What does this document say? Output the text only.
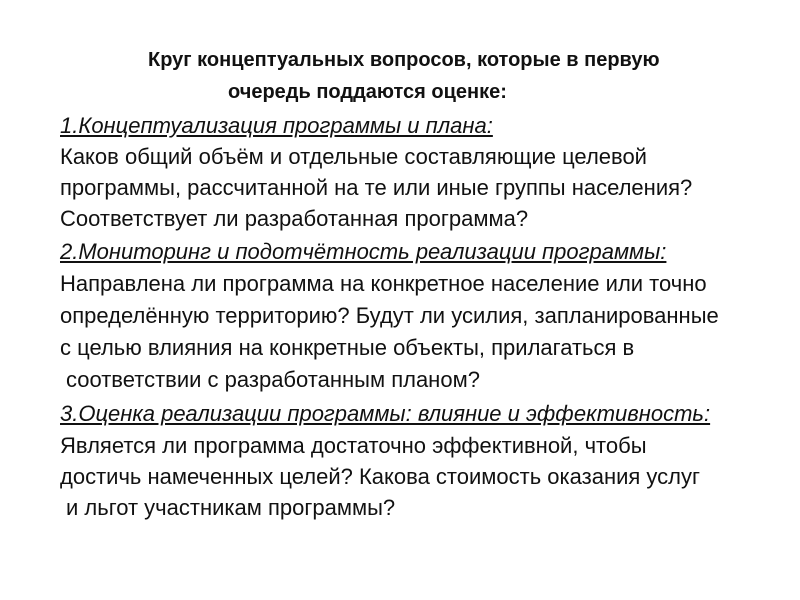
Круг концептуальных вопросов, которые в первую
очередь поддаются оценке:
1.Концептуализация программы и плана:
Каков общий объём и отдельные составляющие целевой
программы, рассчитанной на те или иные группы населения?
Соответствует ли разработанная программа?
2.Мониторинг и подотчётность реализации программы:
Направлена ли программа на конкретное население или точно
определённую территорию? Будут ли усилия, запланированные
с целью влияния на конкретные объекты, прилагаться в
соответствии с разработанным планом?
3.Оценка реализации программы: влияние и эффективность:
Является ли программа достаточно эффективной, чтобы
достичь намеченных целей? Какова стоимость оказания услуг
и льгот участникам программы?
